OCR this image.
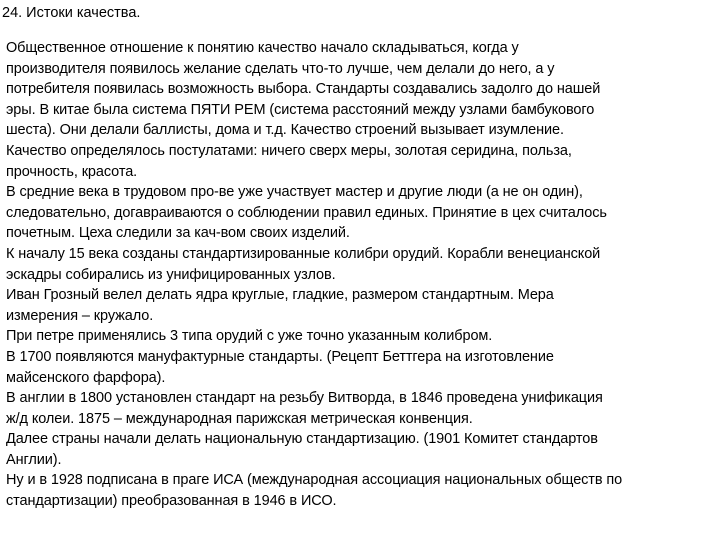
24. Истоки качества.
Общественное отношение к понятию качество начало складываться, когда у
производителя появилось желание сделать что-то лучше, чем делали до него, а у
потребителя появилась возможность выбора. Стандарты создавались задолго до нашей
эры. В китае была система ПЯТИ РЕМ (система расстояний между узлами бамбукового
шеста). Они делали баллисты, дома и т.д. Качество строений вызывает изумление.
Качество определялось постулатами: ничего сверх меры, золотая серидина, польза,
прочность, красота.
В средние века в трудовом про-ве уже участвует мастер и другие люди (а не он один),
следовательно, догавраиваются о соблюдении правил единых. Принятие в цех считалось
почетным. Цеха следили за кач-вом своих изделий.
К началу 15 века созданы стандартизированные колибри орудий. Корабли венецианской
эскадры собирались из унифицированных узлов.
Иван Грозный велел делать ядра круглые, гладкие, размером стандартным. Мера
измерения – кружало.
При петре применялись 3 типа орудий с уже точно указанным колибром.
В 1700 появляются мануфактурные стандарты. (Рецепт Беттгера на изготовление
майсенского фарфора).
В англии в 1800 установлен стандарт на резьбу Витворда, в 1846 проведена унификация
ж/д колеи. 1875 – международная парижская метрическая конвенция.
Далее страны начали делать национальную стандартизацию. (1901 Комитет стандартов
Англии).
Ну и в 1928 подписана в праге ИСА (международная ассоциация национальных обществ по
стандартизации) преобразованная в 1946 в ИСО.
